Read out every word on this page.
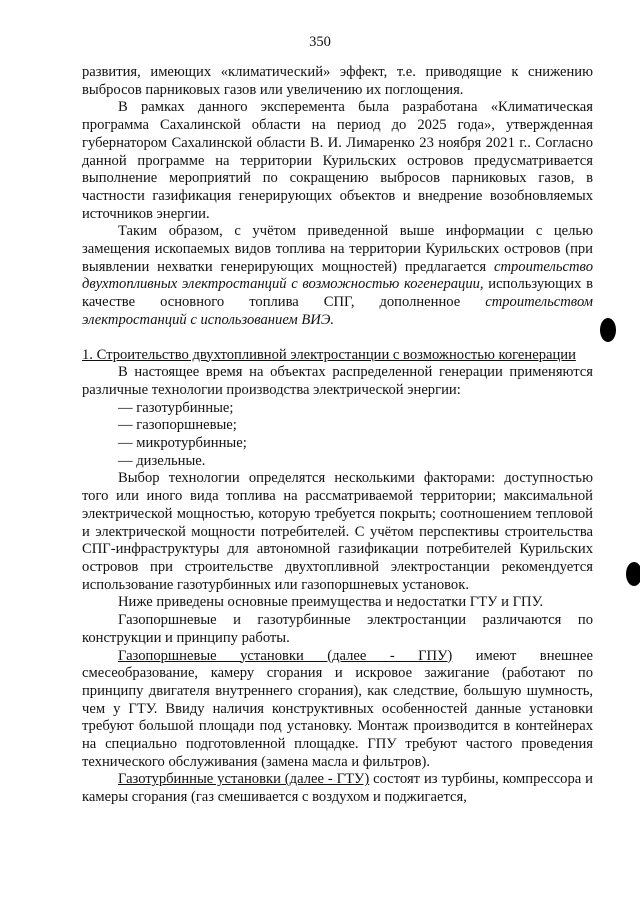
350

развития, имеющих «климатический» эффект, т.е. приводящие к снижению выбросов парниковых газов или увеличению их поглощения.

В рамках данного эксперемента была разработана «Климатическая программа Сахалинской области на период до 2025 года», утвержденная губернатором Сахалинской области В. И. Лимаренко 23 ноября 2021 г.. Согласно данной программе на территории Курильских островов предусматривается выполнение мероприятий по сокращению выбросов парниковых газов, в частности газификация генерирующих объектов и внедрение возобновляемых источников энергии.

Таким образом, с учётом приведенной выше информации с целью замещения ископаемых видов топлива на территории Курильских островов (при выявлении нехватки генерирующих мощностей) предлагается строительство двухтопливных электростанций с возможностью когенерации, использующих в качестве основного топлива СПГ, дополненное строительством электростанций с использованием ВИЭ.

1. Строительство двухтопливной электростанции с возможностью когенерации

В настоящее время на объектах распределенной генерации применяются различные технологии производства электрической энергии:

— газотурбинные;

— газопоршневые;

— микротурбинные;

— дизельные.

Выбор технологии определятся несколькими факторами: доступностью того или иного вида топлива на рассматриваемой территории; максимальной электрической мощностью, которую требуется покрыть; соотношением тепловой и электрической мощности потребителей. С учётом перспективы строительства СПГ-инфраструктуры для автономной газификации потребителей Курильских островов при строительстве двухтопливной электростанции рекомендуется использование газотурбинных или газопоршневых установок.

Ниже приведены основные преимущества и недостатки ГТУ и ГПУ.

Газопоршневые и газотурбинные электростанции различаются по конструкции и принципу работы.

Газопоршневые установки (далее - ГПУ) имеют внешнее смесеобразование, камеру сгорания и искровое зажигание (работают по принципу двигателя внутреннего сгорания), как следствие, большую шумность, чем у ГТУ. Ввиду наличия конструктивных особенностей данные установки требуют большой площади под установку. Монтаж производится в контейнерах на специально подготовленной площадке. ГПУ требуют частого проведения технического обслуживания (замена масла и фильтров).

Газотурбинные установки (далее - ГТУ) состоят из турбины, компрессора и камеры сгорания (газ смешивается с воздухом и поджигается,
